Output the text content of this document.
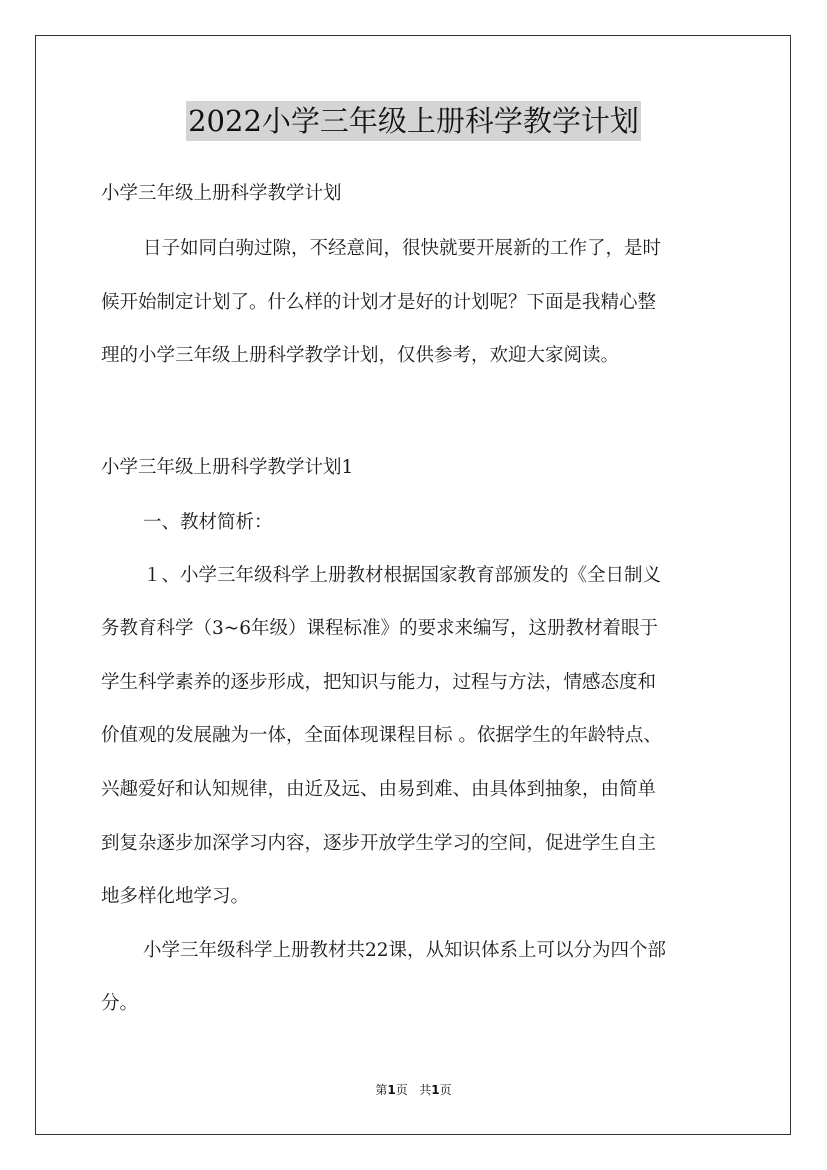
2022小学三年级上册科学教学计划
小学三年级上册科学教学计划
日子如同白驹过隙，不经意间，很快就要开展新的工作了，是时
候开始制定计划了。什么样的计划才是好的计划呢？下面是我精心整
理的小学三年级上册科学教学计划，仅供参考，欢迎大家阅读。
小学三年级上册科学教学计划1
一、教材简析：
１、小学三年级科学上册教材根据国家教育部颁发的《全日制义
务教育科学（3~6年级）课程标准》的要求来编写，这册教材着眼于
学生科学素养的逐步形成，把知识与能力，过程与方法，情感态度和
价值观的发展融为一体，全面体现课程目标 。依据学生的年龄特点、
兴趣爱好和认知规律，由近及远、由易到难、由具体到抽象，由简单
到复杂逐步加深学习内容，逐步开放学生学习的空间，促进学生自主
地多样化地学习。
小学三年级科学上册教材共22课，从知识体系上可以分为四个部
分。
第1页 共1页
